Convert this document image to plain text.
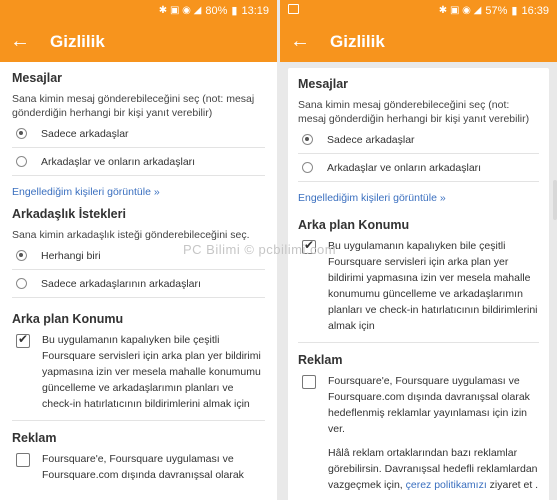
✱ ▣ ◉ ◢ 80% ▮ 13:19
← Gizlilik
Mesajlar
Sana kimin mesaj gönderebileceğini seç (not: mesaj gönderdiğin herhangi bir kişi yanıt verebilir)
Sadece arkadaşlar
Arkadaşlar ve onların arkadaşları
Engellediğim kişileri görüntüle »
Arkadaşlık İstekleri
Sana kimin arkadaşlık isteği gönderebileceğini seç.
Herhangi biri
Sadece arkadaşlarının arkadaşları
Arka plan Konumu
✔
Bu uygulamanın kapalıyken bile çeşitli Foursquare servisleri için arka plan yer bildirimi yapmasına izin ver mesela mahalle konumumu güncelleme ve arkadaşlarımın planları ve check-in hatırlatıcının bildirimlerini almak için
Reklam
Foursquare'e, Foursquare uygulaması ve Foursquare.com dışında davranışsal olarak
✱ ▣ ◉ ◢ 57% ▮ 16:39
← Gizlilik
Mesajlar
Sana kimin mesaj gönderebileceğini seç (not: mesaj gönderdiğin herhangi bir kişi yanıt verebilir)
Sadece arkadaşlar
Arkadaşlar ve onların arkadaşları
Engellediğim kişileri görüntüle »
Arka plan Konumu
✔
Bu uygulamanın kapalıyken bile çeşitli Foursquare servisleri için arka plan yer bildirimi yapmasına izin ver mesela mahalle konumumu güncelleme ve arkadaşlarımın planları ve check-in hatırlatıcının bildirimlerini almak için
Reklam
Foursquare'e, Foursquare uygulaması ve Foursquare.com dışında davranışsal olarak hedeflenmiş reklamlar yayınlaması için izin ver.
Hâlâ reklam ortaklarından bazı reklamlar görebilirsin. Davranışsal hedefli reklamlardan vazgeçmek için, çerez politikamızı ziyaret et .
PC Bilimi © pcbilimi.com
